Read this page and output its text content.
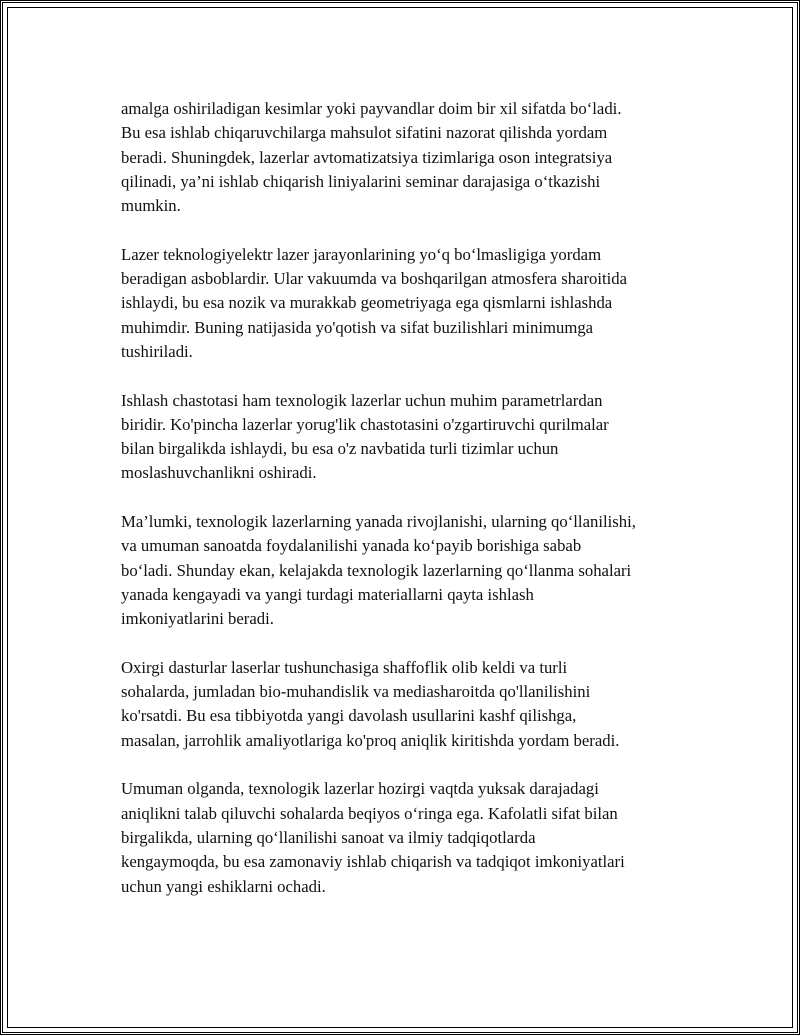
amalga oshiriladigan kesimlar yoki payvandlar doim bir xil sifatda bo‘ladi.
Bu esa ishlab chiqaruvchilarga mahsulot sifatini nazorat qilishda yordam
beradi. Shuningdek, lazerlar avtomatizatsiya tizimlariga oson integratsiya
qilinadi, ya’ni ishlab chiqarish liniyalarini seminar darajasiga o‘tkazishi
mumkin.

Lazer teknologiyelektr lazer jarayonlarining yo‘q bo‘lmasligiga yordam
beradigan asboblardir. Ular vakuumda va boshqarilgan atmosfera sharoitida
ishlaydi, bu esa nozik va murakkab geometriyaga ega qismlarni ishlashda
muhimdir. Buning natijasida yo'qotish va sifat buzilishlari minimumga
tushiriladi.

Ishlash chastotasi ham texnologik lazerlar uchun muhim parametrlardan
biridir. Ko'pincha lazerlar yorug'lik chastotasini o'zgartiruvchi qurilmalar
bilan birgalikda ishlaydi, bu esa o'z navbatida turli tizimlar uchun
moslashuvchanlikni oshiradi.

Ma’lumki, texnologik lazerlarning yanada rivojlanishi, ularning qo‘llanilishi,
va umuman sanoatda foydalanilishi yanada ko‘payib borishiga sabab
bo‘ladi. Shunday ekan, kelajakda texnologik lazerlarning qo‘llanma sohalari
yanada kengayadi va yangi turdagi materiallarni qayta ishlash
imkoniyatlarini beradi.

Oxirgi dasturlar laserlar tushunchasiga shaffoflik olib keldi va turli
sohalarda, jumladan bio-muhandislik va mediasharoitda qo'llanilishini
ko'rsatdi. Bu esa tibbiyotda yangi davolash usullarini kashf qilishga,
masalan, jarrohlik amaliyotlariga ko'proq aniqlik kiritishda yordam beradi.

Umuman olganda, texnologik lazerlar hozirgi vaqtda yuksak darajadagi
aniqlikni talab qiluvchi sohalarda beqiyos o‘ringa ega. Kafolatli sifat bilan
birgalikda, ularning qo‘llanilishi sanoat va ilmiy tadqiqotlarda
kengaymoqda, bu esa zamonaviy ishlab chiqarish va tadqiqot imkoniyatlari
uchun yangi eshiklarni ochadi.
